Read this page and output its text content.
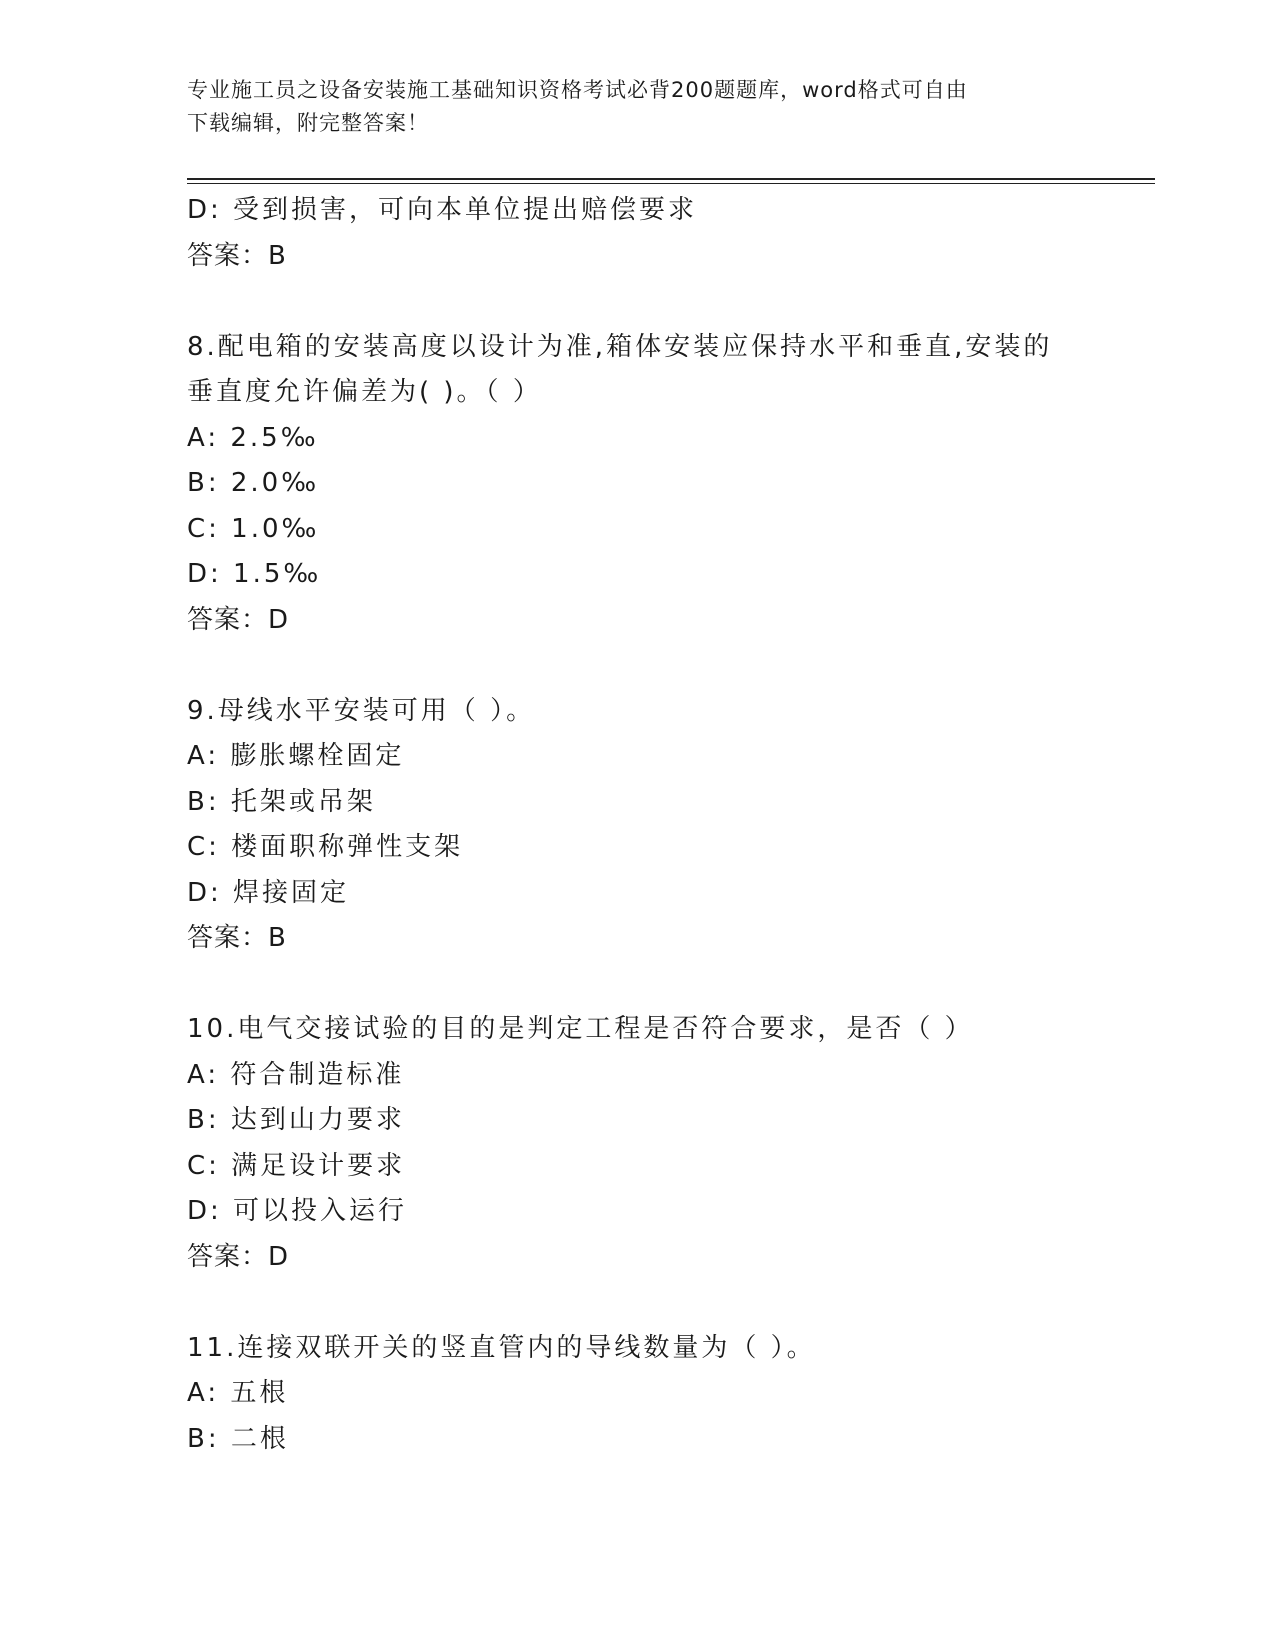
专业施工员之设备安装施工基础知识资格考试必背200题题库，word格式可自由
下载编辑，附完整答案！
D: 受到损害，可向本单位提出赔偿要求
答案：B
8.配电箱的安装高度以设计为准,箱体安装应保持水平和垂直,安装的
垂直度允许偏差为( )。（ ）
A: 2.5‰
B: 2.0‰
C: 1.0‰
D: 1.5‰
答案：D
9.母线水平安装可用（ ）。
A: 膨胀螺栓固定
B: 托架或吊架
C: 楼面职称弹性支架
D: 焊接固定
答案：B
10.电气交接试验的目的是判定工程是否符合要求，是否（ ）
A: 符合制造标准
B: 达到山力要求
C: 满足设计要求
D: 可以投入运行
答案：D
11.连接双联开关的竖直管内的导线数量为（ ）。
A: 五根
B: 二根
